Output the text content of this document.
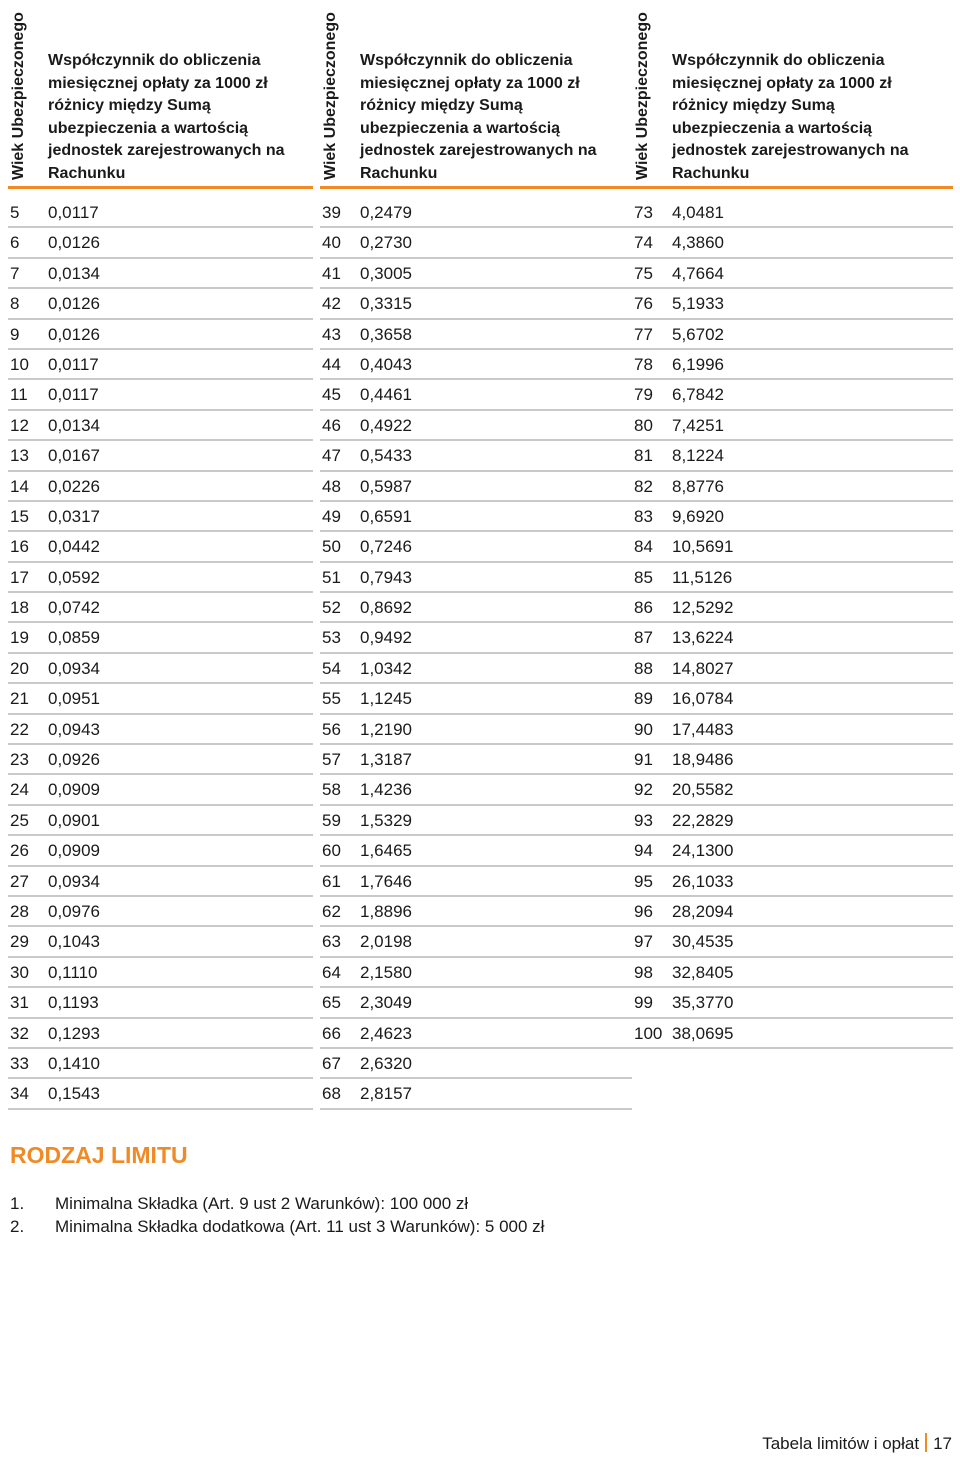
Wiek Ubezpieczonego Współczynnik do obliczenia miesięcznej opłaty za 1000 zł różnicy między Sumą ubezpieczenia a wartością jednostek zarejestrowanych na Rachunku
5 0,0117
6 0,0126
7 0,0134
8 0,0126
9 0,0126
10 0,0117
11 0,0117
12 0,0134
13 0,0167
14 0,0226
15 0,0317
16 0,0442
17 0,0592
18 0,0742
19 0,0859
20 0,0934
21 0,0951
22 0,0943
23 0,0926
24 0,0909
25 0,0901
26 0,0909
27 0,0934
28 0,0976
29 0,1043
30 0,1110
31 0,1193
32 0,1293
33 0,1410
34 0,1543
Wiek Ubezpieczonego Współczynnik do obliczenia miesięcznej opłaty za 1000 zł różnicy między Sumą ubezpieczenia a wartością jednostek zarejestrowanych na Rachunku
39 0,2479
40 0,2730
41 0,3005
42 0,3315
43 0,3658
44 0,4043
45 0,4461
46 0,4922
47 0,5433
48 0,5987
49 0,6591
50 0,7246
51 0,7943
52 0,8692
53 0,9492
54 1,0342
55 1,1245
56 1,2190
57 1,3187
58 1,4236
59 1,5329
60 1,6465
61 1,7646
62 1,8896
63 2,0198
64 2,1580
65 2,3049
66 2,4623
67 2,6320
68 2,8157
Wiek Ubezpieczonego Współczynnik do obliczenia miesięcznej opłaty za 1000 zł różnicy między Sumą ubezpieczenia a wartością jednostek zarejestrowanych na Rachunku
73 4,0481
74 4,3860
75 4,7664
76 5,1933
77 5,6702
78 6,1996
79 6,7842
80 7,4251
81 8,1224
82 8,8776
83 9,6920
84 10,5691
85 11,5126
86 12,5292
87 13,6224
88 14,8027
89 16,0784
90 17,4483
91 18,9486
92 20,5582
93 22,2829
94 24,1300
95 26,1033
96 28,2094
97 30,4535
98 32,8405
99 35,3770
100 38,0695
RODZAJ LIMITU
1. Minimalna Składka (Art. 9 ust 2 Warunków): 100 000 zł
2. Minimalna Składka dodatkowa (Art. 11 ust 3 Warunków): 5 000 zł
Tabela limitów i opłat 17
